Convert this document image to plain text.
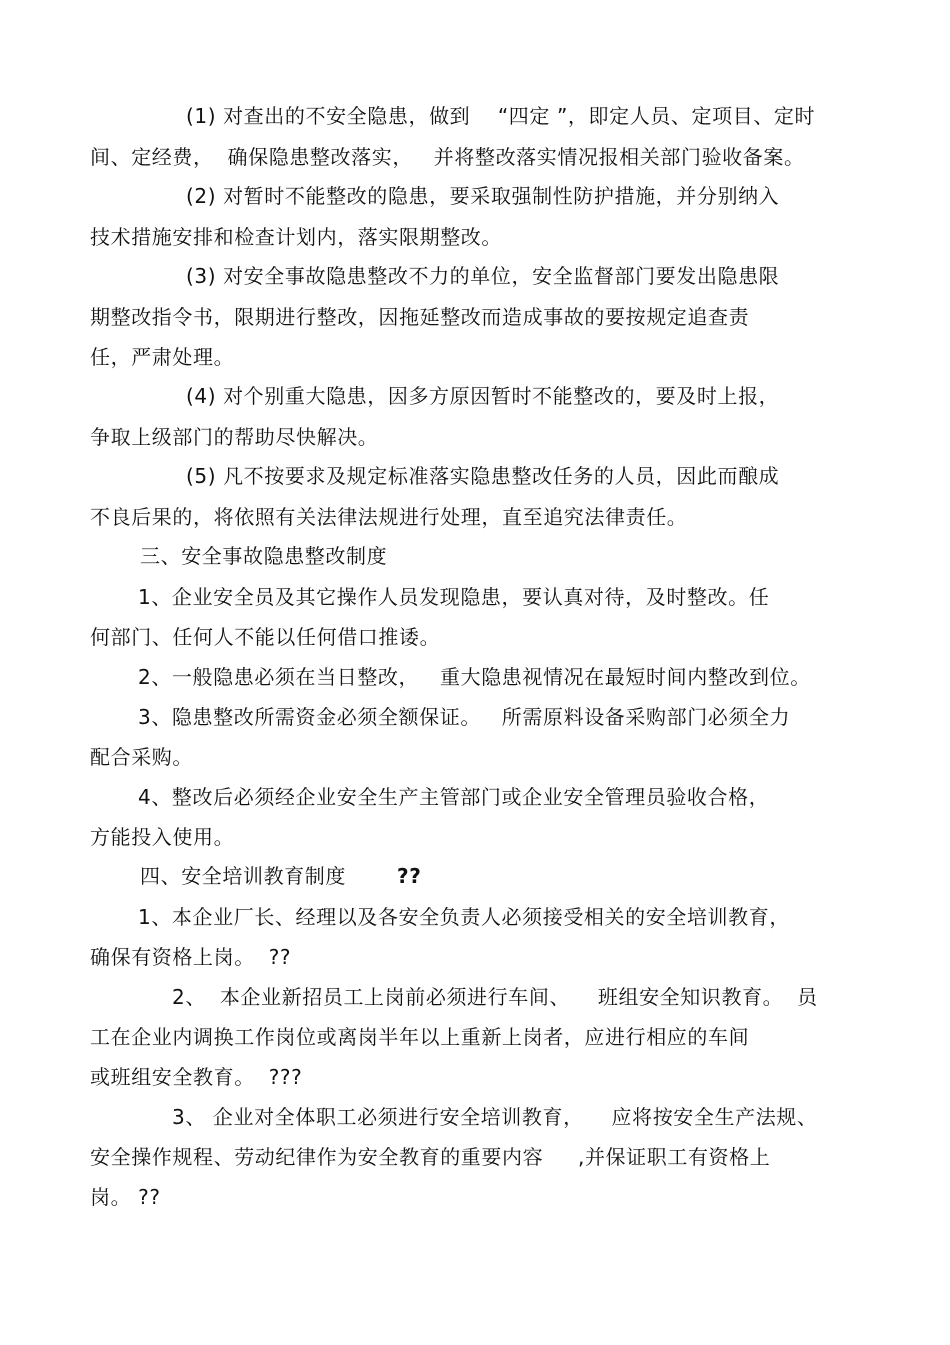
(1) 对查出的不安全隐患，做到　 “四定 ”，即定人员、定项目、定时
间、定经费，  确保隐患整改落实，   并将整改落实情况报相关部门验收备案。
(2) 对暂时不能整改的隐患，要采取强制性防护措施，并分别纳入
技术措施安排和检查计划内，落实限期整改。
(3) 对安全事故隐患整改不力的单位，安全监督部门要发出隐患限
期整改指令书，限期进行整改，因拖延整改而造成事故的要按规定追查责
任，严肃处理。
(4) 对个别重大隐患，因多方原因暂时不能整改的，要及时上报，
争取上级部门的帮助尽快解决。
(5) 凡不按要求及规定标准落实隐患整改任务的人员，因此而酿成
不良后果的，将依照有关法律法规进行处理，直至追究法律责任。
三、安全事故隐患整改制度
1、企业安全员及其它操作人员发现隐患，要认真对待，及时整改。任
何部门、任何人不能以任何借口推诿。
2、一般隐患必须在当日整改，   重大隐患视情况在最短时间内整改到位。
3、隐患整改所需资金必须全额保证。   所需原料设备采购部门必须全力
配合采购。
4、整改后必须经企业安全生产主管部门或企业安全管理员验收合格，
方能投入使用。
四、安全培训教育制度	??
1、本企业厂长、经理以及各安全负责人必须接受相关的安全培训教育，
确保有资格上岗。  ??
2、  本企业新招员工上岗前必须进行车间、    班组安全知识教育。  员
工在企业内调换工作岗位或离岗半年以上重新上岗者，应进行相应的车间
或班组安全教育。  ???
3、 企业对全体职工必须进行安全培训教育，    应将按安全生产法规、
安全操作规程、劳动纪律作为安全教育的重要内容     ,并保证职工有资格上
岗。 ??
